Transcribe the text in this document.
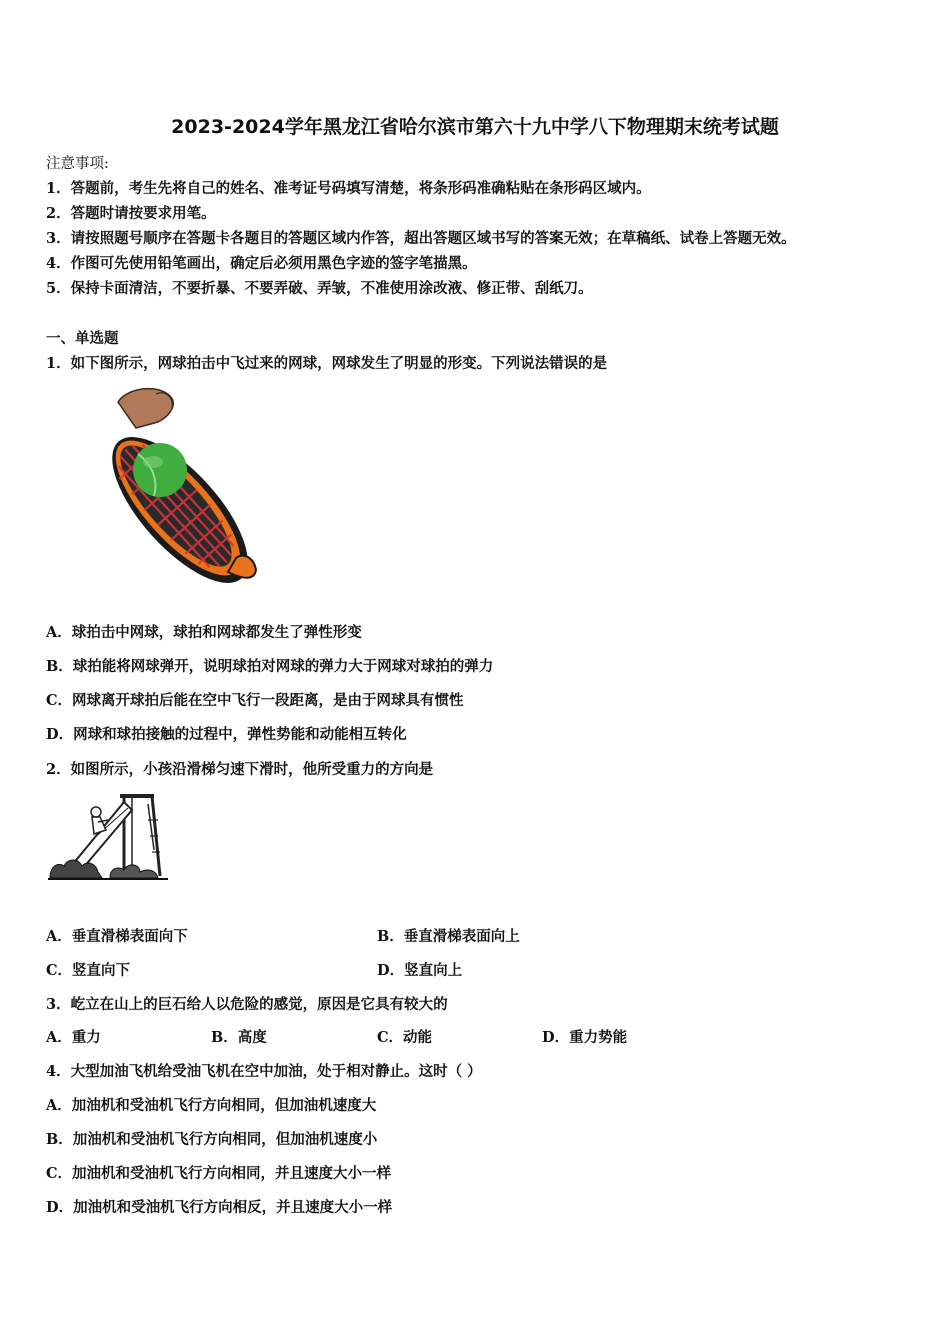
2023-2024学年黑龙江省哈尔滨市第六十九中学八下物理期末统考试题
注意事项:
1．答题前，考生先将自己的姓名、准考证号码填写清楚，将条形码准确粘贴在条形码区域内。
2．答题时请按要求用笔。
3．请按照题号顺序在答题卡各题目的答题区域内作答，超出答题区域书写的答案无效；在草稿纸、试卷上答题无效。
4．作图可先使用铅笔画出，确定后必须用黑色字迹的签字笔描黑。
5．保持卡面清洁，不要折暴、不要弄破、弄皱，不准使用涂改液、修正带、刮纸刀。
一、单选题
1．如下图所示，网球拍击中飞过来的网球，网球发生了明显的形变。下列说法错误的是
A．球拍击中网球，球拍和网球都发生了弹性形变
B．球拍能将网球弹开，说明球拍对网球的弹力大于网球对球拍的弹力
C．网球离开球拍后能在空中飞行一段距离，是由于网球具有惯性
D．网球和球拍接触的过程中，弹性势能和动能相互转化
2．如图所示，小孩沿滑梯匀速下滑时，他所受重力的方向是
A．垂直滑梯表面向下	B．垂直滑梯表面向上
C．竖直向下	D．竖直向上
3．屹立在山上的巨石给人以危险的感觉，原因是它具有较大的
A．重力	B．高度	C．动能	D．重力势能
4．大型加油飞机给受油飞机在空中加油，处于相对静止。这时（ ）
A．加油机和受油机飞行方向相同，但加油机速度大
B．加油机和受油机飞行方向相同，但加油机速度小
C．加油机和受油机飞行方向相同，并且速度大小一样
D．加油机和受油机飞行方向相反，并且速度大小一样
